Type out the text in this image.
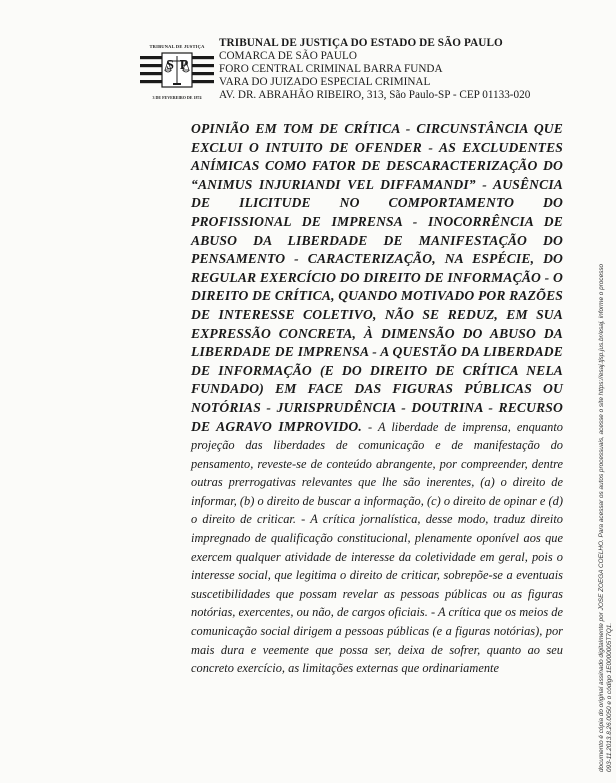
TRIBUNAL DE JUSTIÇA
S P
3 DE FEVEREIRO DE 1874
TRIBUNAL DE JUSTIÇA DO ESTADO DE SÃO PAULO
COMARCA DE SÃO PAULO
FORO CENTRAL CRIMINAL BARRA FUNDA
VARA DO JUIZADO ESPECIAL CRIMINAL
AV. DR. ABRAHÃO RIBEIRO, 313, São Paulo-SP - CEP 01133-020
OPINIÃO EM TOM DE CRÍTICA - CIRCUNSTÂNCIA QUE EXCLUI O INTUITO DE OFENDER - AS EXCLUDENTES ANÍMICAS COMO FATOR DE DESCARACTERIZAÇÃO DO “ANIMUS INJURIANDI VEL DIFFAMANDI” - AUSÊNCIA DE ILICITUDE NO COMPORTAMENTO DO PROFISSIONAL DE IMPRENSA - INOCORRÊNCIA DE ABUSO DA LIBERDADE DE MANIFESTAÇÃO DO PENSAMENTO - CARACTERIZAÇÃO, NA ESPÉCIE, DO REGULAR EXERCÍCIO DO DIREITO DE INFORMAÇÃO - O DIREITO DE CRÍTICA, QUANDO MOTIVADO POR RAZÕES DE INTERESSE COLETIVO, NÃO SE REDUZ, EM SUA EXPRESSÃO CONCRETA, À DIMENSÃO DO ABUSO DA LIBERDADE DE IMPRENSA - A QUESTÃO DA LIBERDADE DE INFORMAÇÃO (E DO DIREITO DE CRÍTICA NELA FUNDADO) EM FACE DAS FIGURAS PÚBLICAS OU NOTÓRIAS - JURISPRUDÊNCIA - DOUTRINA - RECURSO DE AGRAVO IMPROVIDO. - A liberdade de imprensa, enquanto projeção das liberdades de comunicação e de manifestação do pensamento, reveste-se de conteúdo abrangente, por compreender, dentre outras prerrogativas relevantes que lhe são inerentes, (a) o direito de informar, (b) o direito de buscar a informação, (c) o direito de opinar e (d) o direito de criticar. - A crítica jornalística, desse modo, traduz direito impregnado de qualificação constitucional, plenamente oponível aos que exercem qualquer atividade de interesse da coletividade em geral, pois o interesse social, que legitima o direito de criticar, sobrepõe-se a eventuais suscetibilidades que possam revelar as pessoas públicas ou as figuras notórias, exercentes, ou não, de cargos oficiais. - A crítica que os meios de comunicação social dirigem a pessoas públicas (e a figuras notórias), por mais dura e veemente que possa ser, deixa de sofrer, quanto ao seu concreto exercício, as limitações externas que ordinariamente	documento é cópia do original assinado digitalmente por JOSE ZOEGA COELHO. Para acessar os autos processuais, acesse o site https://esaj.tjsp.jus.br/esaj, informe o processo 093-11.2013.8.26.0050 e o código 1E0000005T7Q1.
